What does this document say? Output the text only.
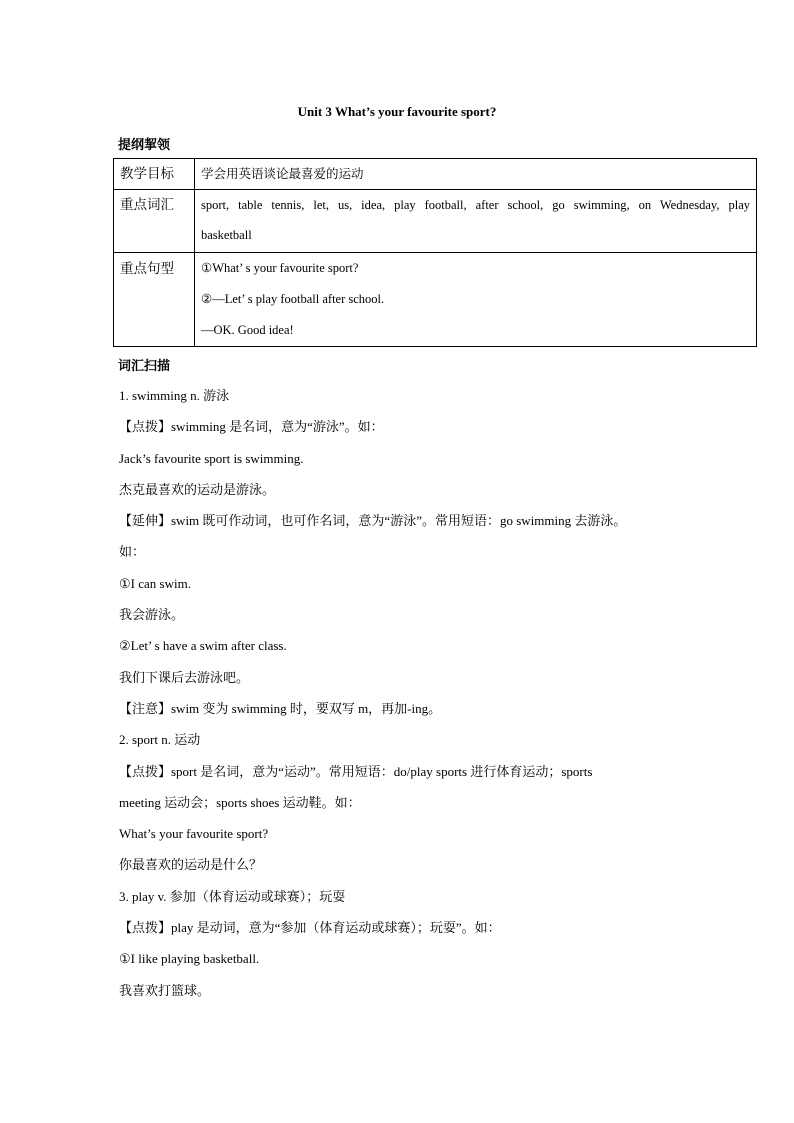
Unit 3 What’s your favourite sport?
提纲挈领
教学目标	学会用英语谈论最喜爱的运动
重点词汇	sport, table tennis, let, us, idea, play football, after school, go swimming, on Wednesday, play
basketball

重点句型	①What’ s your favourite sport?
②—Let’ s play football after school.
—OK. Good idea!
词汇扫描
1. swimming n. 游泳
【点拨】swimming 是名词，意为“游泳”。如：
Jack’s favourite sport is swimming.
杰克最喜欢的运动是游泳。
【延伸】swim 既可作动词，也可作名词，意为“游泳”。常用短语：go swimming 去游泳。
如：
①I can swim.
我会游泳。
②Let’ s have a swim after class.
我们下课后去游泳吧。
【注意】swim 变为 swimming 时，要双写 m，再加-ing。
2. sport n. 运动
【点拨】sport 是名词，意为“运动”。常用短语：do/play sports 进行体育运动；sports
meeting 运动会；sports shoes 运动鞋。如：
What’s your favourite sport?
你最喜欢的运动是什么？
3. play v. 参加（体育运动或球赛）；玩耍
【点拨】play 是动词，意为“参加（体育运动或球赛）；玩耍”。如：
①I like playing basketball.
我喜欢打篮球。
